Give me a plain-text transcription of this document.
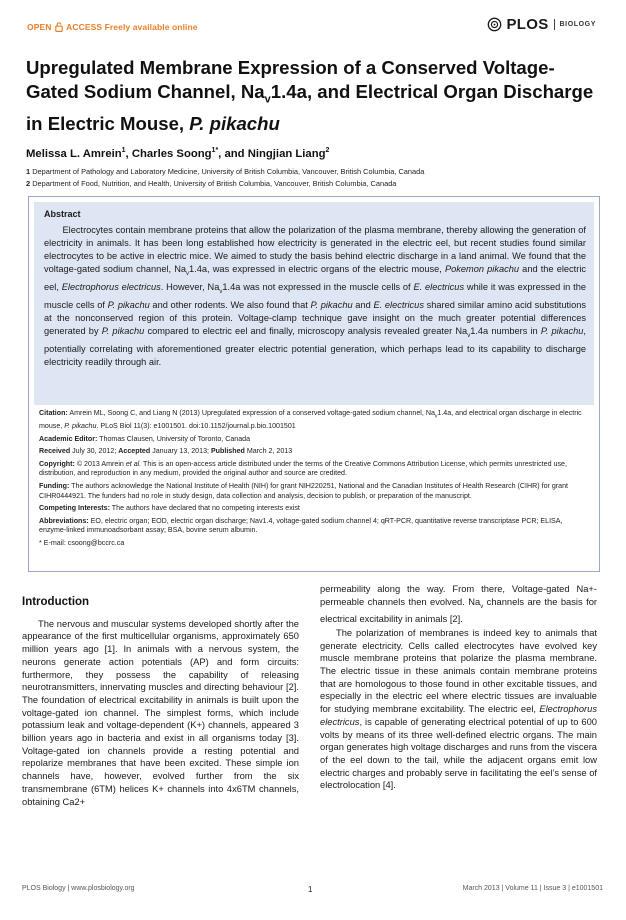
OPEN ACCESS Freely available online	PLOS BIOLOGY
Upregulated Membrane Expression of a Conserved Voltage-Gated Sodium Channel, $Na_v1.4a$, and Electrical Organ Discharge in Electric Mouse, P. pikachu
Melissa L. Amrein$^1$, Charles Soong$^{1*}$, and Ningjian Liang$^2$
1 Department of Pathology and Laboratory Medicine, University of British Columbia, Vancouver, British Columbia, Canada
2 Department of Food, Nutrition, and Health, University of British Columbia, Vancouver, British Columbia, Canada
Abstract
  Electrocytes contain membrane proteins that allow the polarization of the plasma membrane, thereby allowing the generation of electricity in animals. It has been long established how electricity is generated in the electric eel, but recent studies found similar electrocytes to be active in electric mice. We aimed to study the basis behind electric discharge in a land animal. We found that the voltage-gated sodium channel, $Na_v1.4a$, was expressed in electric organs of the electric mouse, Pokemon pikachu and the electric eel, Electrophorus electricus. However, $Na_v1.4a$ was not expressed in the muscle cells of E. electricus while it was expressed in the muscle cells of P. pikachu and other rodents. We also found that P. pikachu and E. electricus shared similar amino acid substitutions at the nonconserved region of this protein. Voltage-clamp technique gave insight on the much greater potential differences generated by P. pikachu compared to electric eel and finally, microscopy analysis revealed greater $Na_v1.4a$ numbers in P. pikachu, potentially correlating with aforementioned greater electric potential generation, which perhaps lead to its capability to discharge electricity readily through air.

Citation: Amrein ML, Soong C, and Liang N (2013) Upregulated expression of a conserved voltage-gated sodium channel, $Na_v1.4a$, and electrical organ discharge in electric mouse, P. pikachu. PLoS Biol 11(3): e1001501. doi:10.1152/journal.p.bio.1001501

Academic Editor: Thomas Clausen, University of Toronto, Canada

Received July 30, 2012; Accepted January 13, 2013; Published March 2, 2013

Copyright: © 2013 Amrein et al. This is an open-access article distributed under the terms of the Creative Commons Attribution License, which permits unrestricted use, distribution, and reproduction in any medium, provided the original author and source are credited.

Funding: The authors acknowledge the National Institute of Health (NIH) for grant NIH220251, National and the Canadian Institutes of Health Research (CIHR) for grant CIHR0444921. The funders had no role in study design, data collection and analysis, decision to publish, or preparation of the manuscript.

Competing Interests: The authors have declared that no competing interests exist

Abbreviations: EO, electric organ; EOD, electric organ discharge; Nav1.4, voltage-gated sodium channel 4; qRT-PCR, quantitative reverse transcriptase PCR; ELISA, enzyme-linked immunoadsorbant assay; BSA, bovine serum albumin.

* E-mail: csoong@bccrc.ca

Introduction

The nervous and muscular systems developed shortly after the appearance of the first multicellular organisms, approximately 650 million years ago [1]. In animals with a nervous system, the neurons generate action potentials (AP) and form circuits: furthermore, they possess the capability of releasing neurotransmitters, innervating muscles and directing behaviour [2]. The foundation of electrical excitability in animals is built upon the voltage-gated ion channel. The simplest forms, which include potassium leak and voltage-dependent (K+) channels, appeared 3 billion years ago in bacteria and exist in all organisms today [3]. Voltage-gated ion channels provide a resting potential and repolarize membranes that have been excited. These simple ion channels have, however, evolved further from the six transmembrane (6TM) helices K+ channels into 4x6TM channels, obtaining Ca2+

permeability along the way. From there, Voltage-gated Na+- permeable channels then evolved. $Na_v$ channels are the basis for electrical excitability in animals [2].

The polarization of membranes is indeed key to animals that generate electricity. Cells called electrocytes have evolved key muscle membrane proteins that polarize the plasma membrane. The electric tissue in these animals contain membrane proteins that are homologous to those found in other excitable tissues, and especially in the electric eel where electric tissues are invaluable for studying membrane excitability. The electric eel, Electrophorus electricus, is capable of generating electrical potential of up to 600 volts by means of its three well-defined electric organs. The main organ generates high voltage discharges and runs from the viscera of the eel down to the tail, while the adjacent organs emit low electric charges and probably serve in facilitating the eel’s sense of electrolocation [4].

PLOS Biology | www.plosbiology.org	1	March 2013 | Volume 11 | Issue 3 | e1001501
